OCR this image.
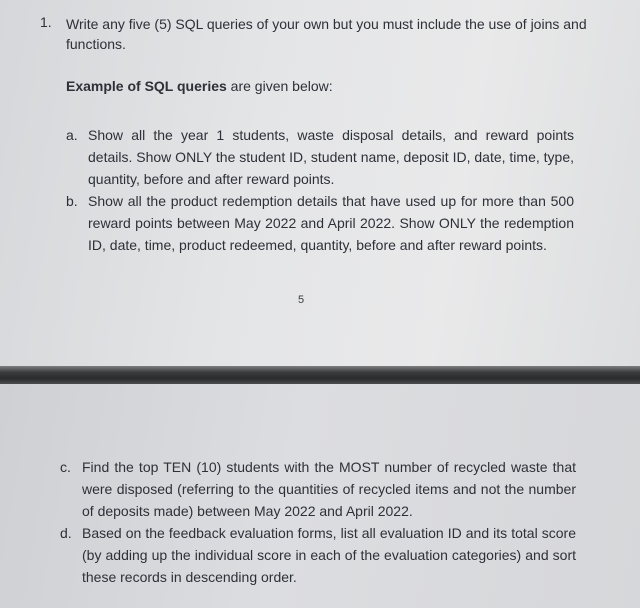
1. Write any five (5) SQL queries of your own but you must include the use of joins and functions.
Example of SQL queries are given below:
a. Show all the year 1 students, waste disposal details, and reward points details. Show ONLY the student ID, student name, deposit ID, date, time, type, quantity, before and after reward points.
b. Show all the product redemption details that have used up for more than 500 reward points between May 2022 and April 2022. Show ONLY the redemption ID, date, time, product redeemed, quantity, before and after reward points.
5
c. Find the top TEN (10) students with the MOST number of recycled waste that were disposed (referring to the quantities of recycled items and not the number of deposits made) between May 2022 and April 2022.
d. Based on the feedback evaluation forms, list all evaluation ID and its total score (by adding up the individual score in each of the evaluation categories) and sort these records in descending order.
